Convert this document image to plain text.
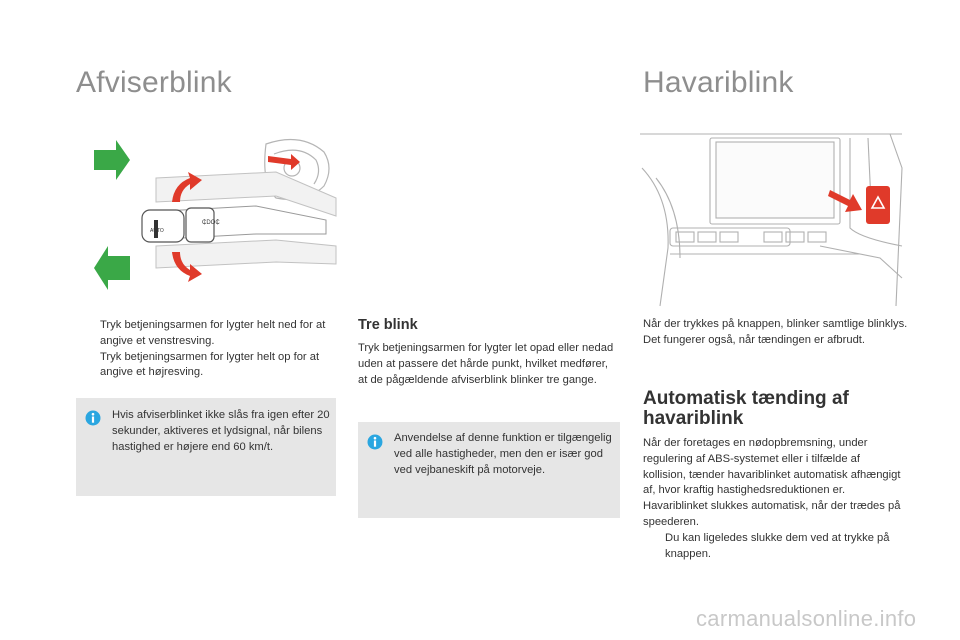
Afviserblink
AUTO
₵DO₵
Tryk betjeningsarmen for lygter helt ned for at angive et venstresving.
Tryk betjeningsarmen for lygter helt op for at angive et højresving.
Hvis afviserblinket ikke slås fra igen efter 20 sekunder, aktiveres et lydsignal, når bilens hastighed er højere end 60 km/t.
Tre blink
Tryk betjeningsarmen for lygter let opad eller nedad uden at passere det hårde punkt, hvilket medfører, at de pågældende afviserblink blinker tre gange.
Anvendelse af denne funktion er tilgængelig ved alle hastigheder, men den er især god ved vejbaneskift på motorveje.
Havariblink
Når der trykkes på knappen, blinker samtlige blinklys.
Det fungerer også, når tændingen er afbrudt.
Automatisk tænding af havariblink
Når der foretages en nødopbremsning, under regulering af ABS-systemet eller i tilfælde af kollision, tænder havariblinket automatisk afhængigt af, hvor kraftig hastighedsreduktionen er.
Havariblinket slukkes automatisk, når der trædes på speederen.
Du kan ligeledes slukke dem ved at trykke på knappen.
carmanualsonline.info
